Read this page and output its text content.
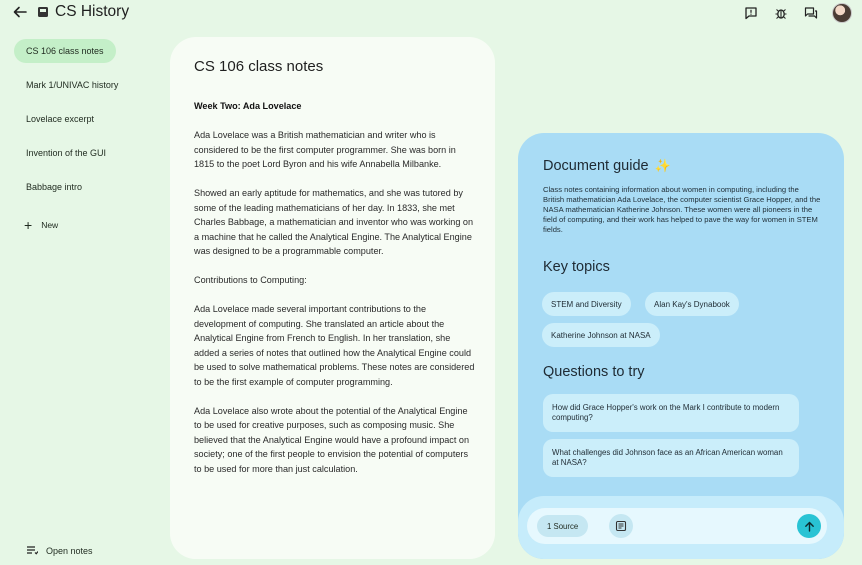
CS History
CS 106 class notes
Mark 1/UNIVAC history
Lovelace excerpt
Invention of the GUI
Babbage intro
+ New
Open notes
CS 106 class notes
Week Two: Ada Lovelace

Ada Lovelace was a British mathematician and writer who is considered to be the first computer programmer. She was born in 1815 to the poet Lord Byron and his wife Annabella Milbanke.

Showed an early aptitude for mathematics, and she was tutored by some of the leading mathematicians of her day. In 1833, she met Charles Babbage, a mathematician and inventor who was working on a machine that he called the Analytical Engine. The Analytical Engine was designed to be a programmable computer.

Contributions to Computing:

Ada Lovelace made several important contributions to the development of computing. She translated an article about the Analytical Engine from French to English. In her translation, she added a series of notes that outlined how the Analytical Engine could be used to solve mathematical problems. These notes are considered to be the first example of computer programming.

Ada Lovelace also wrote about the potential of the Analytical Engine to be used for creative purposes, such as composing music. She believed that the Analytical Engine would have a profound impact on society; one of the first people to envision the potential of computers to be used for more than just calculation.

Document guide ✨
Class notes containing information about women in computing, including the British mathematician Ada Lovelace, the computer scientist Grace Hopper, and the NASA mathematician Katherine Johnson. These women were all pioneers in the field of computing, and their work has helped to pave the way for women in STEM fields.
Key topics
STEM and Diversity	Alan Kay's Dynabook
Katherine Johnson at NASA
Questions to try
How did Grace Hopper's work on the Mark I contribute to modern computing?
What challenges did Johnson face as an African American woman at NASA?
1 Source
